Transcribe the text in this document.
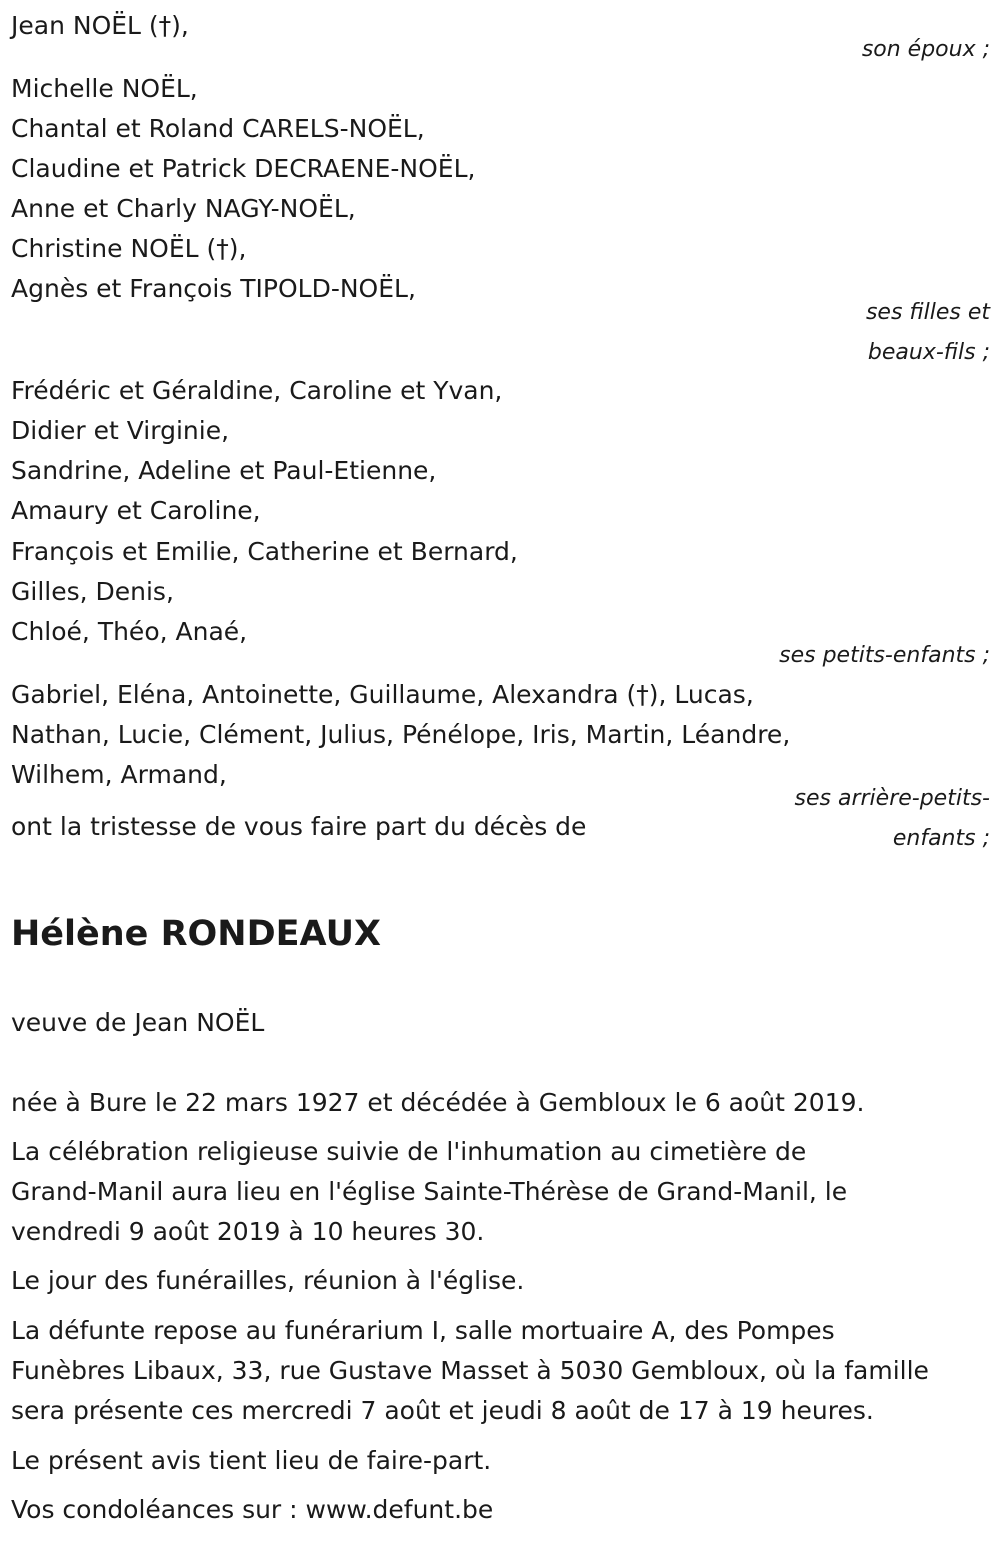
Jean NOËL (†),
son époux ;
Michelle NOËL,
Chantal et Roland CARELS-NOËL,
Claudine et Patrick DECRAENE-NOËL,
Anne et Charly NAGY-NOËL,
Christine NOËL (†),
Agnès et François TIPOLD-NOËL,
ses filles et
beaux-fils ;
Frédéric et Géraldine, Caroline et Yvan,
Didier et Virginie,
Sandrine, Adeline et Paul-Etienne,
Amaury et Caroline,
François et Emilie, Catherine et Bernard,
Gilles, Denis,
Chloé, Théo, Anaé,
ses petits-enfants ;
Gabriel, Eléna, Antoinette, Guillaume, Alexandra (†), Lucas,
Nathan, Lucie, Clément, Julius, Pénélope, Iris, Martin, Léandre,
Wilhem, Armand,
ses arrière-petits-
enfants ;
ont la tristesse de vous faire part du décès de
Hélène RONDEAUX
veuve de Jean NOËL
née à Bure le 22 mars 1927 et décédée à Gembloux le 6 août 2019.
La célébration religieuse suivie de l'inhumation au cimetière de
Grand-Manil aura lieu en l'église Sainte-Thérèse de Grand-Manil, le
vendredi 9 août 2019 à 10 heures 30.
Le jour des funérailles, réunion à l'église.
La défunte repose au funérarium I, salle mortuaire A, des Pompes
Funèbres Libaux, 33, rue Gustave Masset à 5030 Gembloux, où la famille
sera présente ces mercredi 7 août et jeudi 8 août de 17 à 19 heures.
Le présent avis tient lieu de faire-part.
Vos condoléances sur : www.defunt.be
